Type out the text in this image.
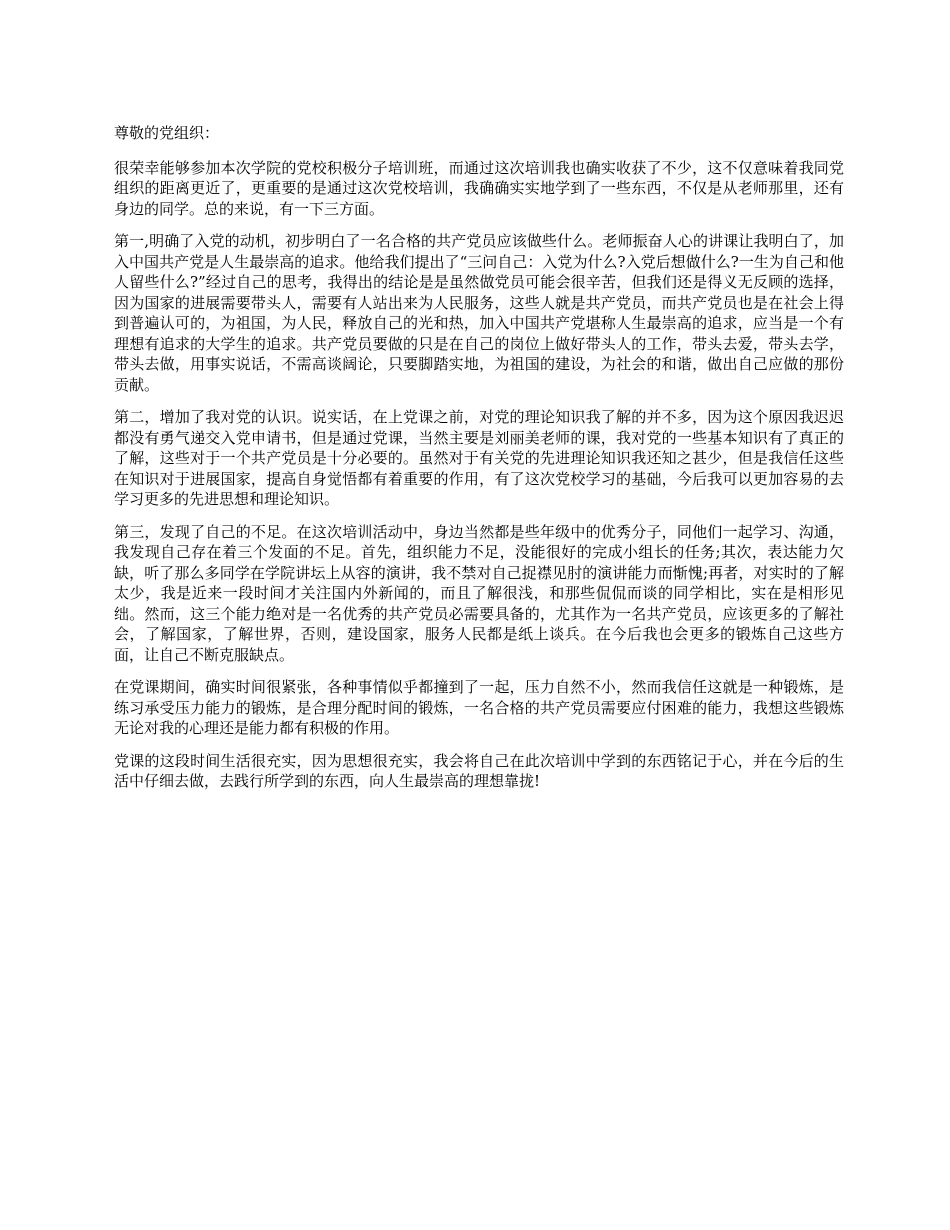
尊敬的党组织：

很荣幸能够参加本次学院的党校积极分子培训班，而通过这次培训我也确实收获了不少，这不仅意味着我同党组织的距离更近了，更重要的是通过这次党校培训，我确确实实地学到了一些东西，不仅是从老师那里，还有身边的同学。总的来说，有一下三方面。

第一,明确了入党的动机，初步明白了一名合格的共产党员应该做些什么。老师振奋人心的讲课让我明白了，加入中国共产党是人生最崇高的追求。他给我们提出了“三问自己：入党为什么?入党后想做什么?一生为自己和他人留些什么?”经过自己的思考，我得出的结论是是虽然做党员可能会很辛苦，但我们还是得义无反顾的选择，因为国家的进展需要带头人，需要有人站出来为人民服务，这些人就是共产党员，而共产党员也是在社会上得到普遍认可的，为祖国，为人民，释放自己的光和热，加入中国共产党堪称人生最崇高的追求，应当是一个有理想有追求的大学生的追求。共产党员要做的只是在自己的岗位上做好带头人的工作，带头去爱，带头去学，带头去做，用事实说话，不需高谈阔论，只要脚踏实地，为祖国的建设，为社会的和谐，做出自己应做的那份贡献。

第二，增加了我对党的认识。说实话，在上党课之前，对党的理论知识我了解的并不多，因为这个原因我迟迟都没有勇气递交入党申请书，但是通过党课，当然主要是刘丽美老师的课，我对党的一些基本知识有了真正的了解，这些对于一个共产党员是十分必要的。虽然对于有关党的先进理论知识我还知之甚少，但是我信任这些在知识对于进展国家，提高自身觉悟都有着重要的作用，有了这次党校学习的基础，今后我可以更加容易的去学习更多的先进思想和理论知识。

第三，发现了自己的不足。在这次培训活动中，身边当然都是些年级中的优秀分子，同他们一起学习、沟通，我发现自己存在着三个发面的不足。首先，组织能力不足，没能很好的完成小组长的任务;其次，表达能力欠缺，听了那么多同学在学院讲坛上从容的演讲，我不禁对自己捉襟见肘的演讲能力而惭愧;再者，对实时的了解太少，我是近来一段时间才关注国内外新闻的，而且了解很浅，和那些侃侃而谈的同学相比，实在是相形见绌。然而，这三个能力绝对是一名优秀的共产党员必需要具备的，尤其作为一名共产党员，应该更多的了解社会，了解国家，了解世界，否则，建设国家，服务人民都是纸上谈兵。在今后我也会更多的锻炼自己这些方面，让自己不断克服缺点。

在党课期间，确实时间很紧张，各种事情似乎都撞到了一起，压力自然不小，然而我信任这就是一种锻炼，是练习承受压力能力的锻炼，是合理分配时间的锻炼，一名合格的共产党员需要应付困难的能力，我想这些锻炼无论对我的心理还是能力都有积极的作用。

党课的这段时间生活很充实，因为思想很充实，我会将自己在此次培训中学到的东西铭记于心，并在今后的生活中仔细去做，去践行所学到的东西，向人生最崇高的理想靠拢!
